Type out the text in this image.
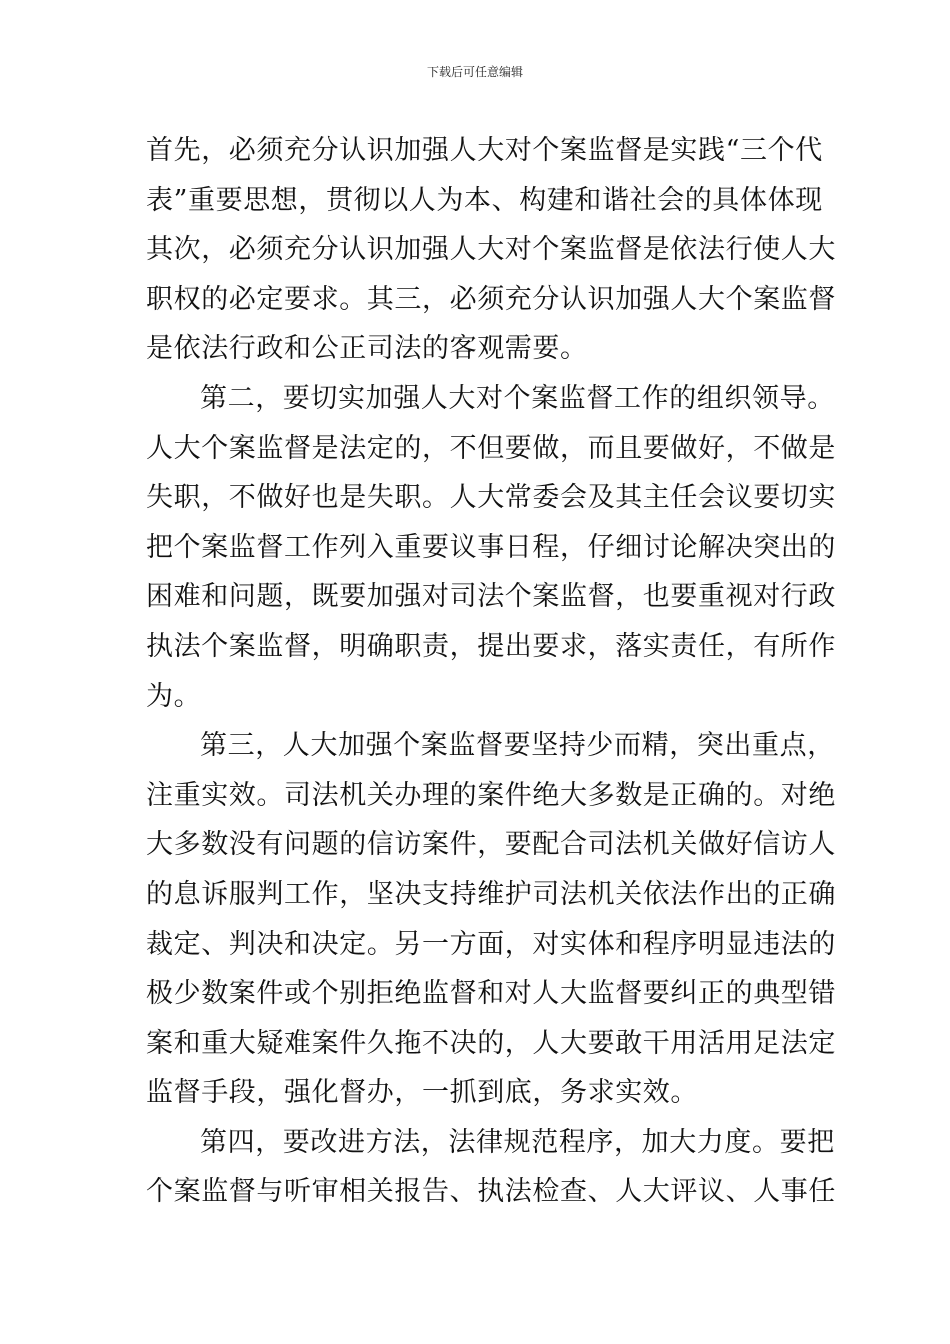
下载后可任意编辑
首先，必须充分认识加强人大对个案监督是实践“三个代
表”重要思想，贯彻以人为本、构建和谐社会的具体体现
其次，必须充分认识加强人大对个案监督是依法行使人大
职权的必定要求。其三，必须充分认识加强人大个案监督
是依法行政和公正司法的客观需要。
第二，要切实加强人大对个案监督工作的组织领导。
人大个案监督是法定的，不但要做，而且要做好，不做是
失职，不做好也是失职。人大常委会及其主任会议要切实
把个案监督工作列入重要议事日程，仔细讨论解决突出的
困难和问题，既要加强对司法个案监督，也要重视对行政
执法个案监督，明确职责，提出要求，落实责任，有所作
为。
第三，人大加强个案监督要坚持少而精，突出重点，
注重实效。司法机关办理的案件绝大多数是正确的。对绝
大多数没有问题的信访案件，要配合司法机关做好信访人
的息诉服判工作，坚决支持维护司法机关依法作出的正确
裁定、判决和决定。另一方面，对实体和程序明显违法的
极少数案件或个别拒绝监督和对人大监督要纠正的典型错
案和重大疑难案件久拖不决的，人大要敢干用活用足法定
监督手段，强化督办，一抓到底，务求实效。
第四，要改进方法，法律规范程序，加大力度。要把
个案监督与听审相关报告、执法检查、人大评议、人事任
